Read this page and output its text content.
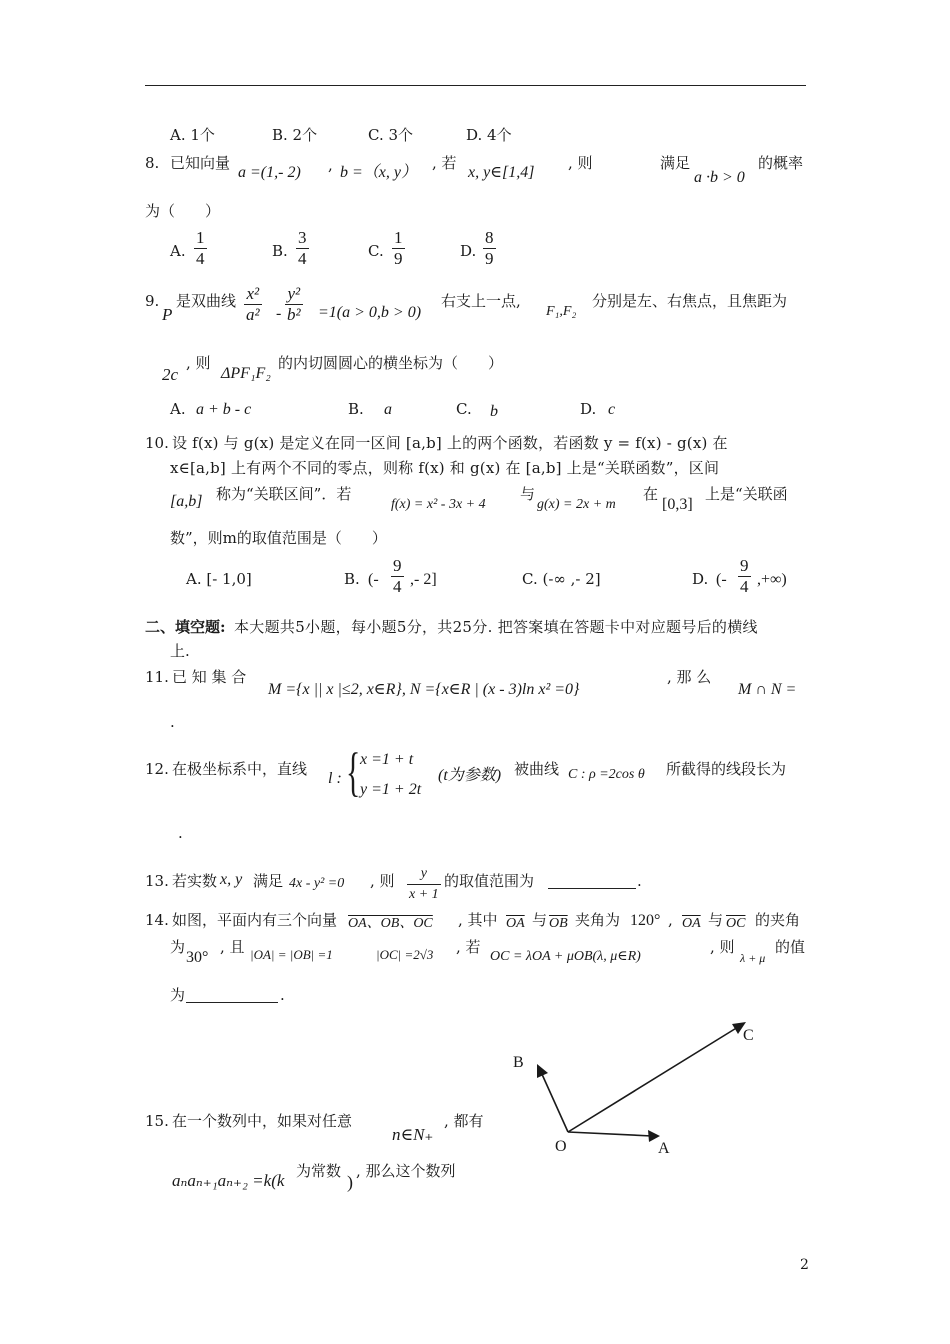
A. 1个	B. 2个	C. 3个	D. 4个
8. 已知向量
a =(1,- 2) , b =（x, y）
, 若
x, y∈[1,4]
, 则	满足
a ·b > 0
的概率
为（　　）
A. $\frac{1}{4}$	B. $\frac{3}{4}$	C. $\frac{1}{9}$	D. $\frac{8}{9}$
9.
P
是双曲线 $\frac{\text{x²}}{\text{a²}} - \frac{\text{y²}}{\text{b²}} =1(a > 0,b > 0)$
右支上一点,
F₁,F₂
分别是左、右焦点，且焦距为
2c
, 则
ΔPF₁F₂
的内切圆圆心的横坐标为（　　）
A. a + b - c	B. a	C. b	D. c
10. 设 f(x) 与 g(x) 是定义在同一区间 [a,b] 上的两个函数，若函数 y = f(x) - g(x) 在
x∈[a,b] 上有两个不同的零点，则称 f(x) 和 g(x) 在 [a,b] 上是“关联函数”，区间
[a,b] 称为“关联区间”．若
f(x) = x² - 3x + 4
与
g(x) = 2x + m
在
[0,3]
上是“关联函
数”，则m的取值范围是（　　）
A. [- 1,0]	B. (- $\frac{9}{4}$ ,- 2]	C. (-∞ ,- 2]	D. (- $\frac{9}{4}$ ,+∞)
二、填空题: 本大题共5小题，每小题5分，共25分. 把答案填在答题卡中对应题号后的横线
上.
11. 已 知 集 合
M ={x || x |≤2, x∈R}, N ={x∈R | (x - 3)ln x² =0}
, 那 么
M ∩ N =
.
12. 在极坐标系中，直线
l : { x =1 + t
y =1 + 2t
(t为参数) 被曲线 C : ρ =2cos θ 所截得的线段长为
.
13. 若实数 x, y 满足 4x - y² =0 , 则 $\frac{y}{x + 1}$ 的取值范围为	.
14. 如图，平面内有三个向量 OA、OB、OC , 其中 $\overline{OA}$ 与 $\overline{OB}$ 夹角为 120° , $\overline{OA}$ 与 $\overline{OC}$ 的夹角
为
30°
, 且 |OA| = |OB| =1	|OC| =2√3 , 若
OC = λOA + μOB(λ, μ∈R)
, 则
λ + μ
的值
为	.
O	A
B
C
15. 在一个数列中，如果对任意
n∈N₊
, 都有
aₙaₙ₊₁aₙ₊₂ =k(k 为常数
)
, 那么这个数列
2
